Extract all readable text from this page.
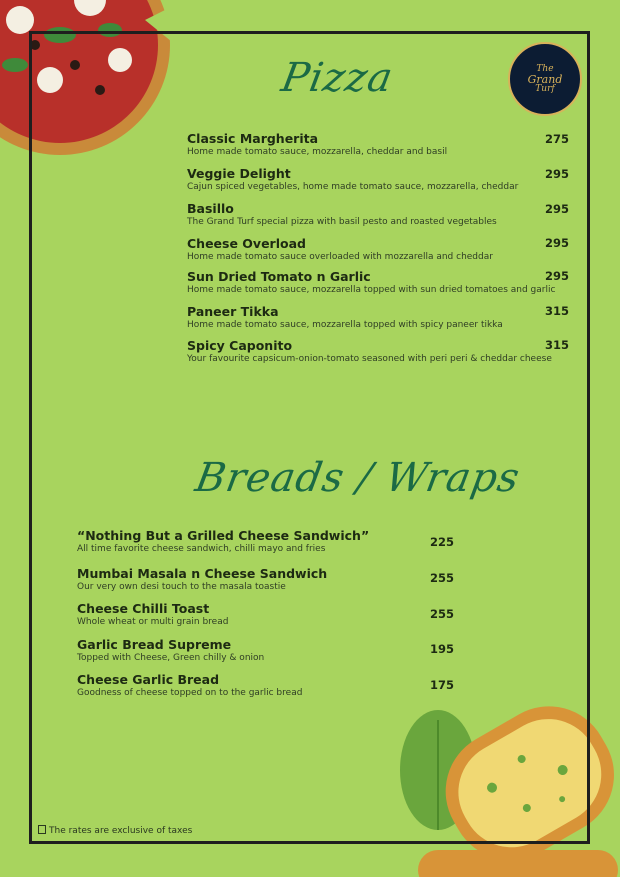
The
Grand
Turf
Pizza
Classic Margherita
Home made tomato sauce, mozzarella, cheddar and basil
275
Veggie Delight
Cajun spiced vegetables, home made tomato sauce, mozzarella, cheddar
295
Basillo
The Grand Turf special pizza with basil pesto and roasted vegetables
295
Cheese Overload
Home made tomato sauce overloaded with mozzarella and cheddar
295
Sun Dried Tomato n Garlic
Home made tomato sauce, mozzarella topped with sun dried tomatoes and garlic
295
Paneer Tikka
Home made tomato sauce, mozzarella topped with spicy paneer tikka
315
Spicy Caponito
Your favourite capsicum-onion-tomato seasoned with peri peri & cheddar cheese
315
Breads / Wraps
“Nothing But a Grilled Cheese Sandwich”
All time favorite cheese sandwich, chilli mayo and fries	225
Mumbai Masala n Cheese Sandwich
Our very own desi touch to the masala toastie
255
Cheese Chilli Toast
Whole wheat or multi grain bread
255
Garlic Bread Supreme
Topped with Cheese, Green chilly & onion
195
Cheese Garlic Bread
Goodness of cheese topped on to the garlic bread
175
The rates are exclusive of taxes
